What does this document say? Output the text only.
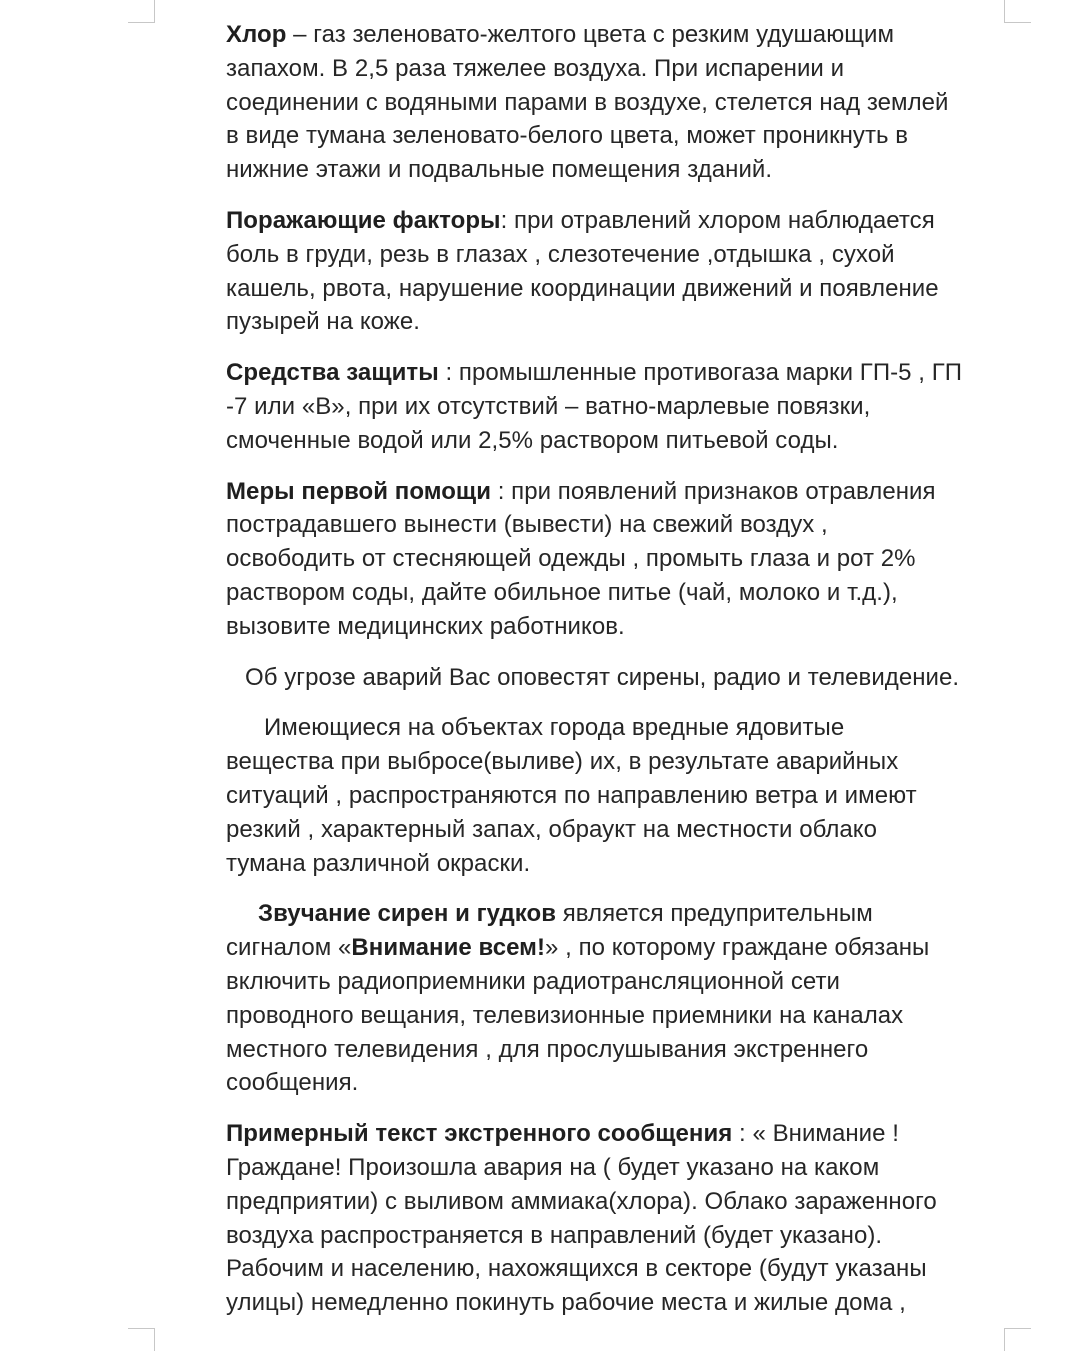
Хлор – газ зеленовато-желтого цвета с резким удушающим
запахом. В 2,5 раза тяжелее воздуха. При испарении и
соединении с водяными парами в воздухе, стелется над землей
в виде тумана зеленовато-белого цвета, может проникнуть в
нижние этажи и подвальные помещения зданий.

Поражающие факторы: при отравлений хлором наблюдается
боль в груди, резь в глазах , слезотечение ,отдышка , сухой
кашель, рвота, нарушение координации движений и появление
пузырей на коже.

Средства защиты : промышленные противогаза марки ГП-5 , ГП
-7 или «В», при их отсутствий – ватно-марлевые повязки,
смоченные водой или 2,5% раствором питьевой соды.

Меры первой помощи : при появлений признаков отравления
пострадавшего вынести (вывести) на свежий воздух ,
освободить от стесняющей одежды , промыть глаза и рот 2%
раствором соды, дайте обильное питье (чай, молоко и т.д.),
вызовите медицинских работников.

Об угрозе аварий Вас оповестят сирены, радио и телевидение.

Имеющиеся на объектах города вредные ядовитые
вещества при выбросе(выливе) их, в результате аварийных
ситуаций , распространяются по направлению ветра и имеют
резкий , характерный запах, обраукт на местности облако
тумана различной окраски.

Звучание сирен и гудков является предупрительным
сигналом «Внимание всем!» , по которому граждане обязаны
включить радиоприемники радиотрансляционной сети
проводного вещания, телевизионные приемники на каналах
местного телевидения , для прослушывания экстреннего
сообщения.

Примерный текст экстренного сообщения : « Внимание !
Граждане! Произошла авария на ( будет указано на каком
предприятии) с выливом аммиака(хлора). Облако зараженного
воздуха распространяется в направлений (будет указано).
Рабочим и населению, нахожящихся в секторе (будут указаны
улицы) немедленно покинуть рабочие места и жилые дома ,
